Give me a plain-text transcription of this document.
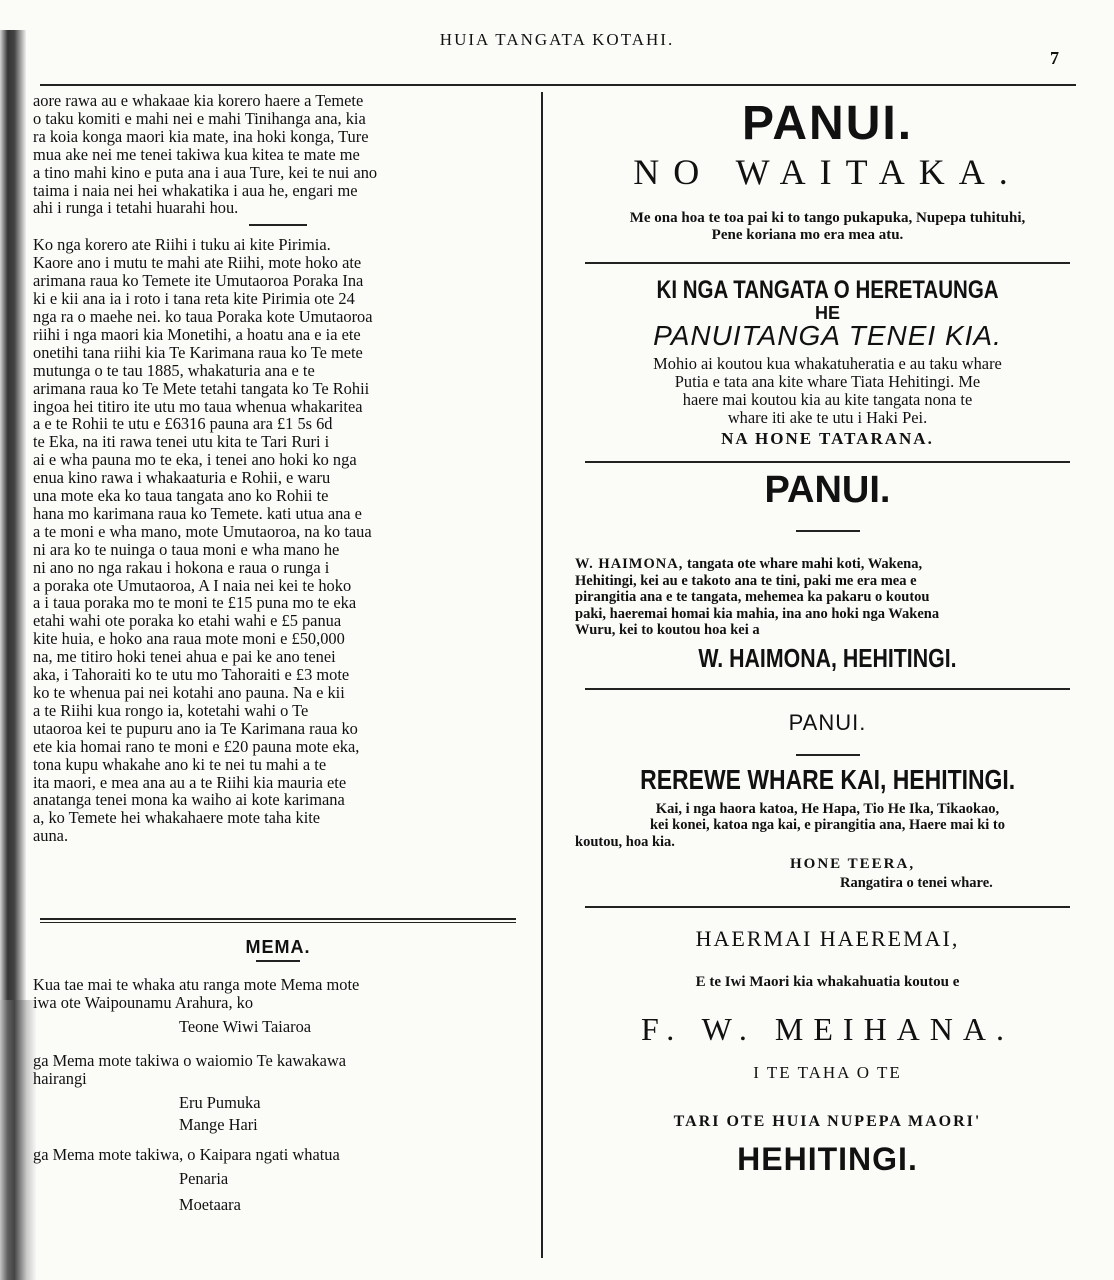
HUIA TANGATA KOTAHI.
7
aore rawa au e whakaae kia korero haere a Temete
o taku komiti e mahi nei e mahi Tinihanga ana, kia
ra koia konga maori kia mate, ina hoki konga, Ture
mua ake nei me tenei takiwa kua kitea te mate me
a tino mahi kino e puta ana i aua Ture, kei te nui ano
taima i naia nei hei whakatika i aua he, engari me
ahi i runga i tetahi huarahi hou.
Ko nga korero ate Riihi i tuku ai kite Pirimia.
Kaore ano i mutu te mahi ate Riihi, mote hoko ate
arimana raua ko Temete ite Umutaoroa Poraka Ina
ki e kii ana ia i roto i tana reta kite Pirimia ote 24
nga ra o maehe nei. ko taua Poraka kote Umutaoroa
riihi i nga maori kia Monetihi, a hoatu ana e ia ete
onetihi tana riihi kia Te Karimana raua ko Te mete
mutunga o te tau 1885, whakaturia ana e te
arimana raua ko Te Mete tetahi tangata ko Te Rohii
ingoa hei titiro ite utu mo taua whenua whakaritea
a e te Rohii te utu e £6316 pauna ara £1 5s 6d
te Eka, na iti rawa tenei utu kita te Tari Ruri i
ai e wha pauna mo te eka, i tenei ano hoki ko nga
enua kino rawa i whakaaturia e Rohii, e waru
una mote eka ko taua tangata ano ko Rohii te
hana mo karimana raua ko Temete. kati utua ana e
a te moni e wha mano, mote Umutaoroa, na ko taua
ni ara ko te nuinga o taua moni e wha mano he
ni ano no nga rakau i hokona e raua o runga i
a poraka ote Umutaoroa, A I naia nei kei te hoko
a i taua poraka mo te moni te £15 puna mo te eka
etahi wahi ote poraka ko etahi wahi e £5 panua
kite huia, e hoko ana raua mote moni e £50,000
na, me titiro hoki tenei ahua e pai ke ano tenei
aka, i Tahoraiti ko te utu mo Tahoraiti e £3 mote
ko te whenua pai nei kotahi ano pauna. Na e kii
a te Riihi kua rongo ia, kotetahi wahi o Te
utaoroa kei te pupuru ano ia Te Karimana raua ko
ete kia homai rano te moni e £20 pauna mote eka,
tona kupu whakahe ano ki te nei tu mahi a te
ita maori, e mea ana au a te Riihi kia mauria ete
anatanga tenei mona ka waiho ai kote karimana
a, ko Temete hei whakahaere mote taha kite
auna.
MEMA.
Kua tae mai te whaka atu ranga mote Mema mote
iwa ote Waipounamu Arahura, ko
Teone Wiwi Taiaroa
ga Mema mote takiwa o waiomio Te kawakawa
hairangi
Eru Pumuka
Mange Hari
ga Mema mote takiwa, o Kaipara ngati whatua
Penaria
Moetaara
PANUI.
NO WAITAKA.
Me ona hoa te toa pai ki to tango pukapuka, Nupepa tuhituhi,
Pene koriana mo era mea atu.
KI NGA TANGATA O HERETAUNGA
HE
PANUITANGA TENEI KIA.
Mohio ai koutou kua whakatuheratia e au taku whare
Putia e tata ana kite whare Tiata Hehitingi. Me
haere mai koutou kia au kite tangata nona te
whare iti ake te utu i Haki Pei.
NA HONE TATARANA.
PANUI.
W. HAIMONA, tangata ote whare mahi koti, Wakena,
Hehitingi, kei au e takoto ana te tini, paki me era mea e
pirangitia ana e te tangata, mehemea ka pakaru o koutou
paki, haeremai homai kia mahia, ina ano hoki nga Wakena
Wuru, kei to koutou hoa kei a
W. HAIMONA, HEHITINGI.
PANUI.
REREWE WHARE KAI, HEHITINGI.
Kai, i nga haora katoa, He Hapa, Tio He Ika, Tikaokao,
kei konei, katoa nga kai, e pirangitia ana, Haere mai ki to
koutou, hoa kia.
HONE TEERA,
Rangatira o tenei whare.
HAERMAI HAEREMAI,
E te Iwi Maori kia whakahuatia koutou e
F. W. MEIHANA.
I TE TAHA O TE
TARI OTE HUIA NUPEPA MAORI'
HEHITINGI.
